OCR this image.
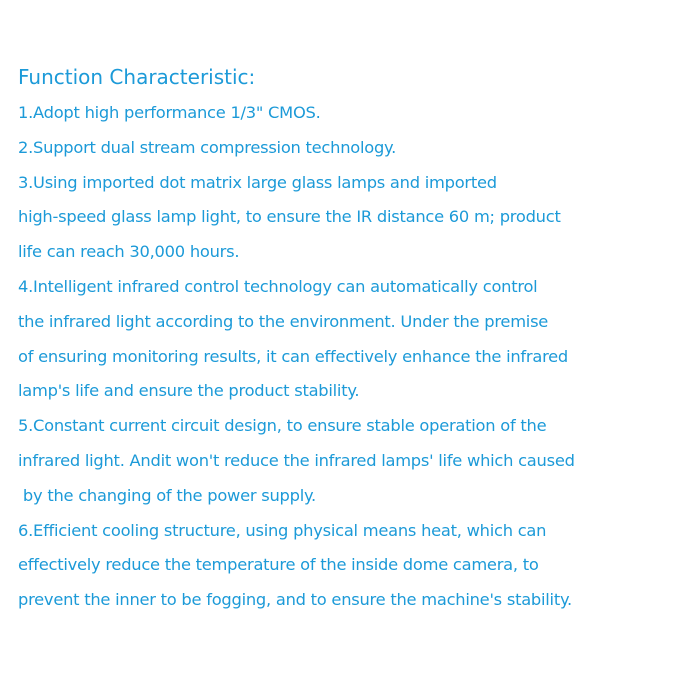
Function Characteristic:
1.Adopt high performance 1/3" CMOS.
2.Support dual stream compression technology.
3.Using imported dot matrix large glass lamps and imported
high-speed glass lamp light, to ensure the IR distance 60 m; product
life can reach 30,000 hours.
4.Intelligent infrared control technology can automatically control
the infrared light according to the environment. Under the premise
of ensuring monitoring results, it can effectively enhance the infrared
lamp's life and ensure the product stability.
5.Constant current circuit design, to ensure stable operation of the
infrared light. Andit won't reduce the infrared lamps' life which caused
by the changing of the power supply.
6.Efficient cooling structure, using physical means heat, which can
effectively reduce the temperature of the inside dome camera, to
prevent the inner to be fogging, and to ensure the machine's stability.
